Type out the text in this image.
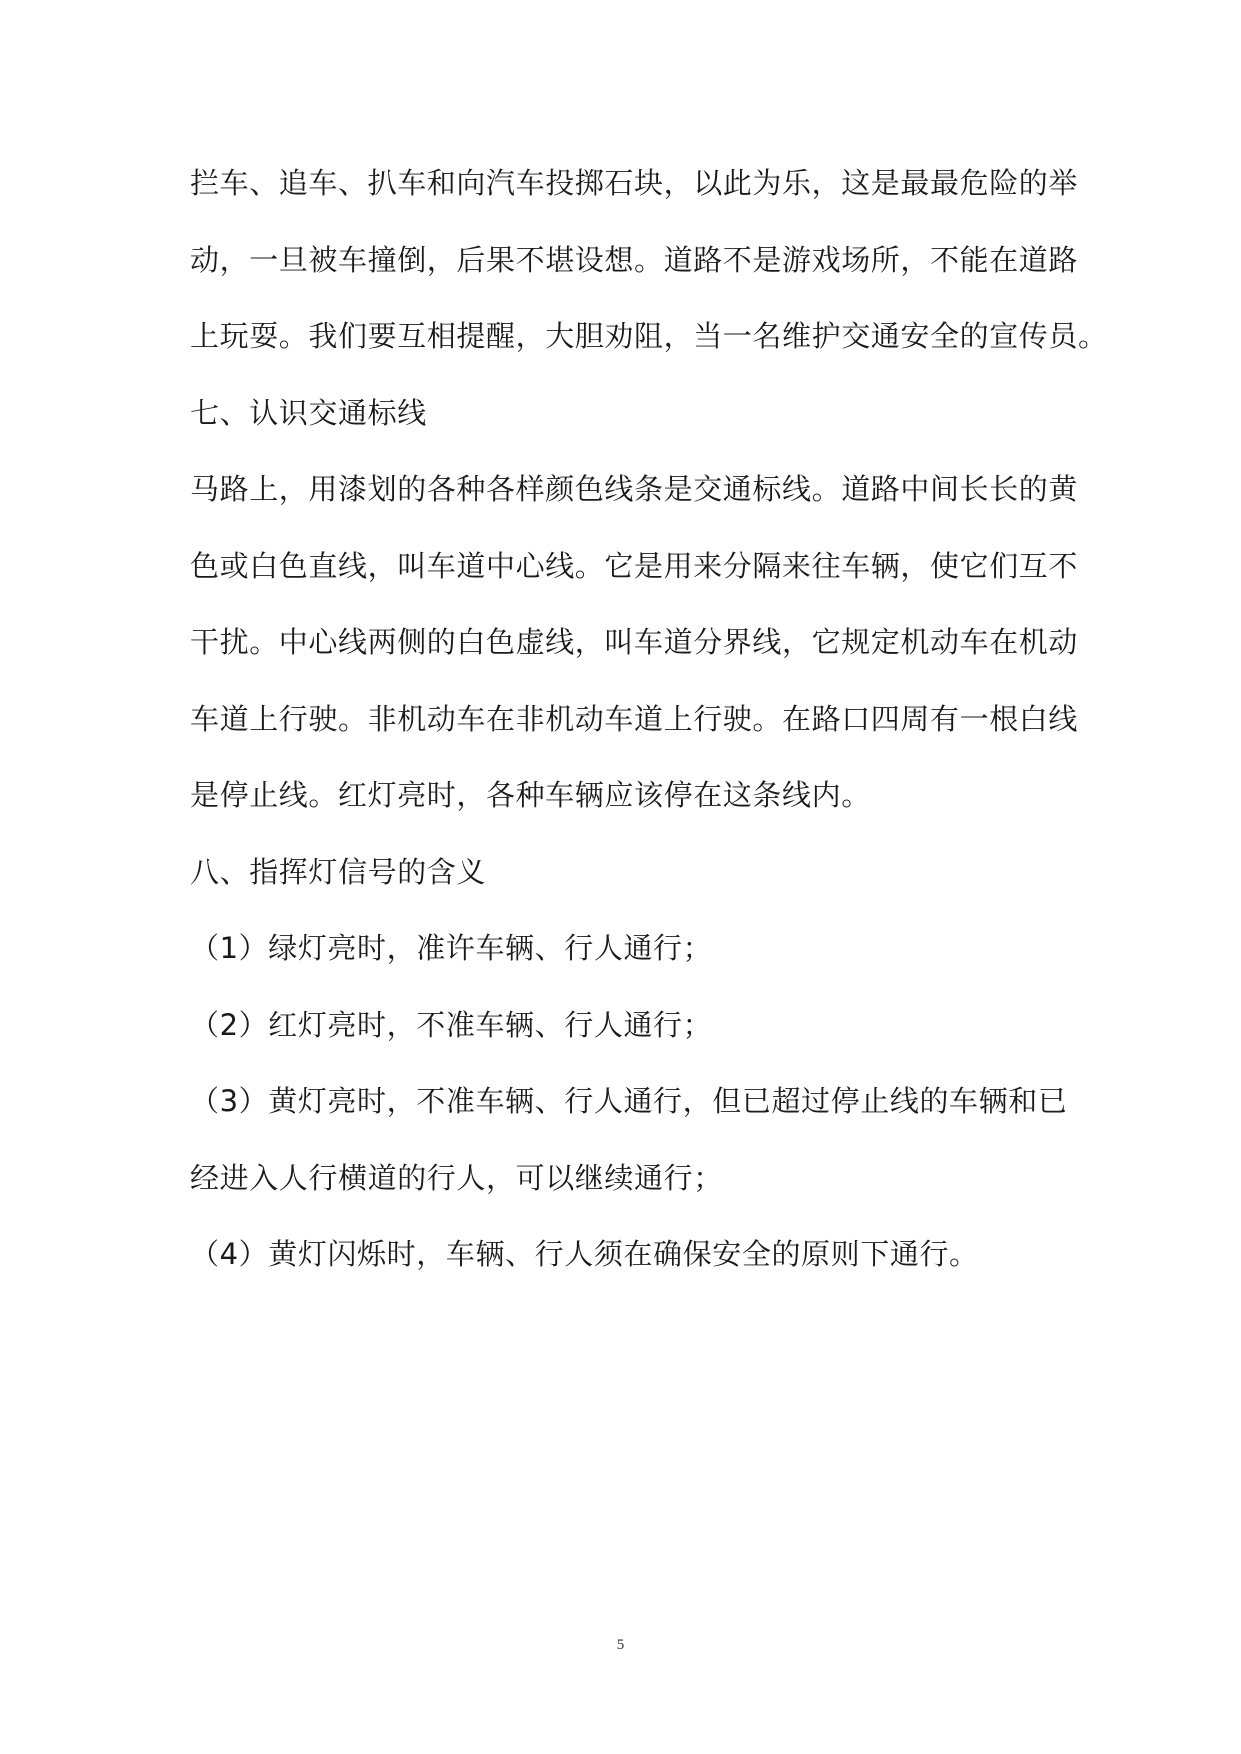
拦车、追车、扒车和向汽车投掷石块，以此为乐，这是最最危险的举
动，一旦被车撞倒，后果不堪设想。道路不是游戏场所，不能在道路
上玩耍。我们要互相提醒，大胆劝阻，当一名维护交通安全的宣传员。
七、认识交通标线
马路上，用漆划的各种各样颜色线条是交通标线。道路中间长长的黄
色或白色直线，叫车道中心线。它是用来分隔来往车辆，使它们互不
干扰。中心线两侧的白色虚线，叫车道分界线，它规定机动车在机动
车道上行驶。非机动车在非机动车道上行驶。在路口四周有一根白线
是停止线。红灯亮时，各种车辆应该停在这条线内。
八、指挥灯信号的含义
（1）绿灯亮时，准许车辆、行人通行；
（2）红灯亮时，不准车辆、行人通行；
（3）黄灯亮时，不准车辆、行人通行，但已超过停止线的车辆和已
经进入人行横道的行人，可以继续通行；
（4）黄灯闪烁时，车辆、行人须在确保安全的原则下通行。
5
